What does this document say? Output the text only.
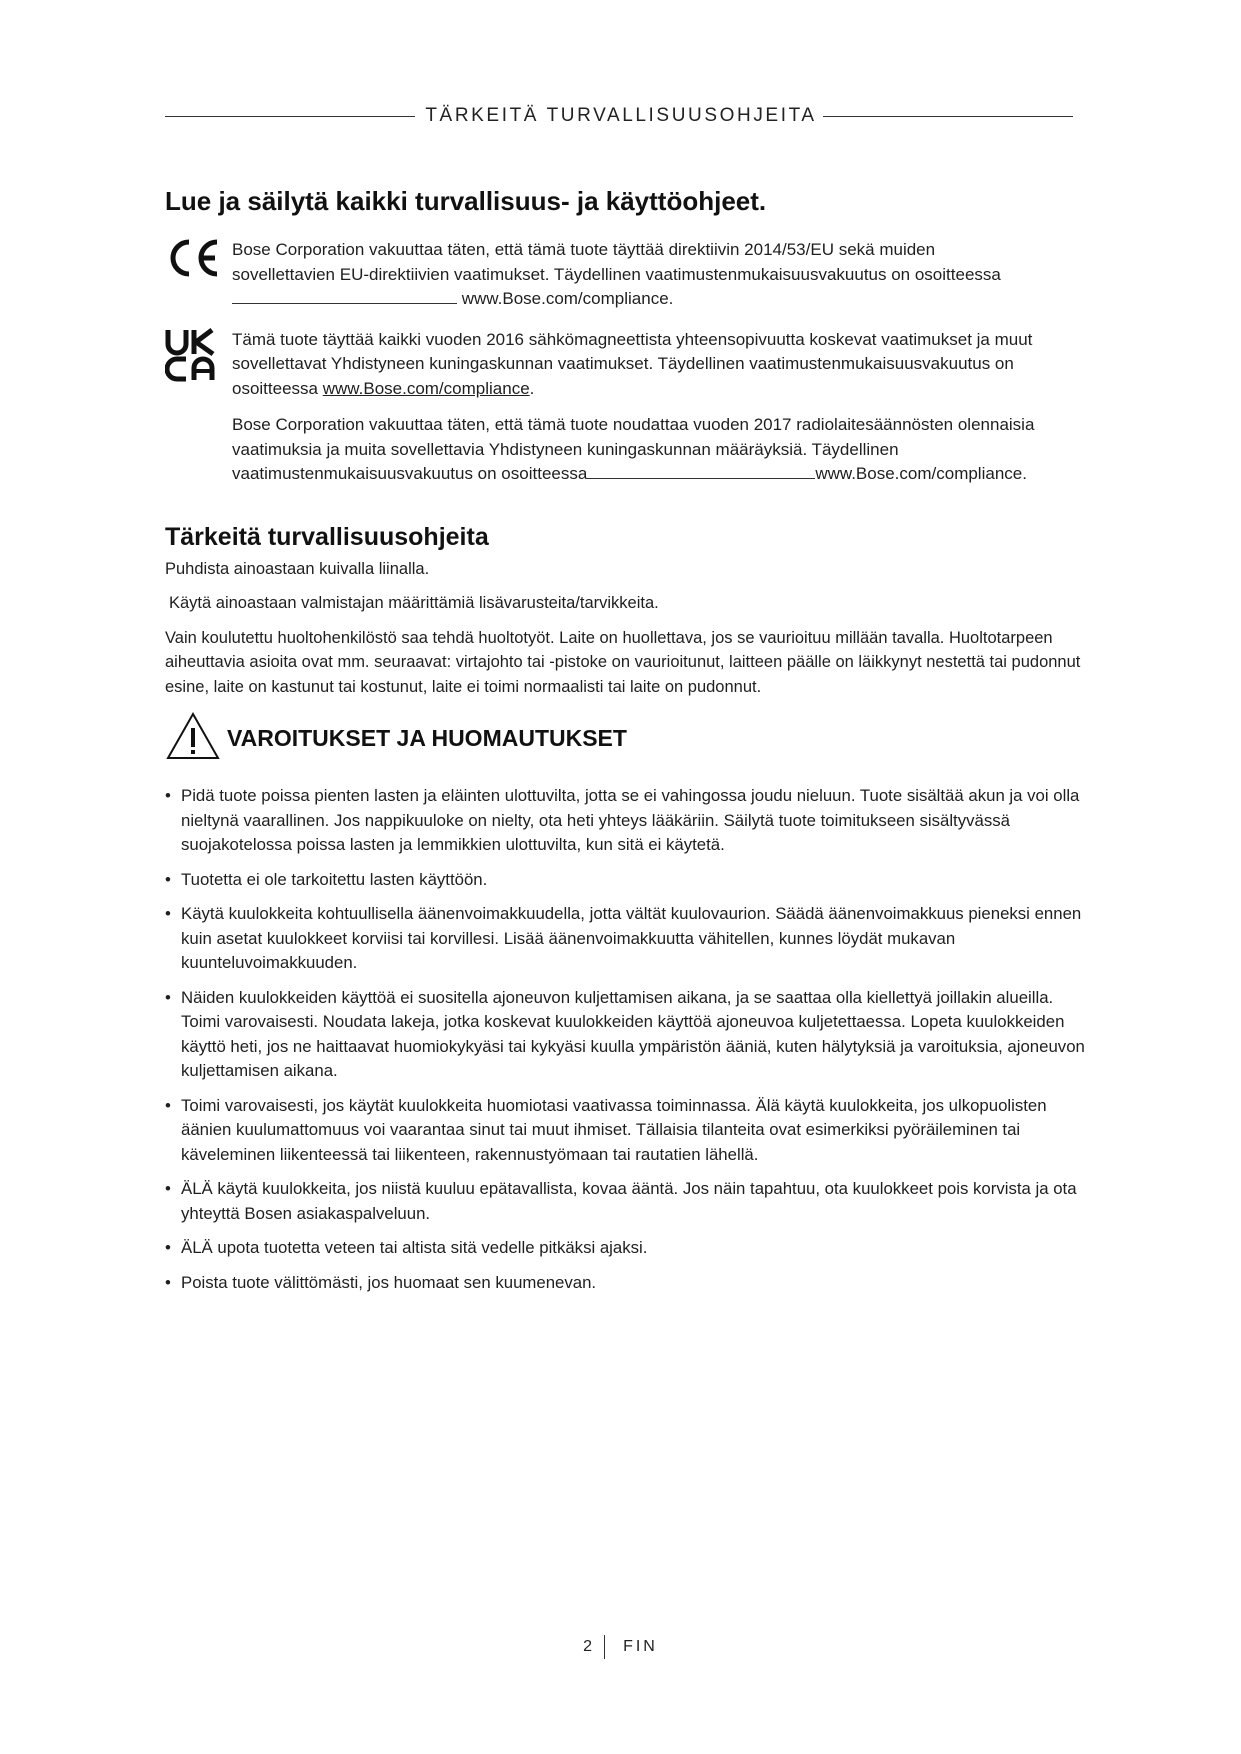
TÄRKEITÄ TURVALLISUUSOHJEITA
Lue ja säilytä kaikki turvallisuus- ja käyttöohjeet.

Bose Corporation vakuuttaa täten, että tämä tuote täyttää direktiivin 2014/53/EU sekä muiden

sovellettavien EU-direktiivien vaatimukset. Täydellinen vaatimustenmukaisuusvakuutus on osoitteessa

www.Bose.com/compliance.

Tämä tuote täyttää kaikki vuoden 2016 sähkömagneettista yhteensopivuutta koskevat vaatimukset ja muut sovellettavat Yhdistyneen kuningaskunnan vaatimukset. Täydellinen vaatimustenmukaisuusvakuutus on osoitteessa www.Bose.com/compliance.

Bose Corporation vakuuttaa täten, että tämä tuote noudattaa vuoden 2017 radiolaitesäännösten olennaisia vaatimuksia ja muita sovellettavia Yhdistyneen kuningaskunnan määräyksiä. Täydellinen vaatimustenmukaisuusvakuutus on osoitteessa	www.Bose.com/compliance.

Tärkeitä turvallisuusohjeita

Puhdista ainoastaan kuivalla liinalla.

Käytä ainoastaan valmistajan määrittämiä lisävarusteita/tarvikkeita.

Vain koulutettu huoltohenkilöstö saa tehdä huoltotyöt. Laite on huollettava, jos se vaurioituu millään tavalla. Huoltotarpeen aiheuttavia asioita ovat mm. seuraavat: virtajohto tai -pistoke on vaurioitunut, laitteen päälle on läikkynyt nestettä tai pudonnut esine, laite on kastunut tai kostunut, laite ei toimi normaalisti tai laite on pudonnut.

VAROITUKSET JA HUOMAUTUKSET
• Pidä tuote poissa pienten lasten ja eläinten ulottuvilta, jotta se ei vahingossa joudu nieluun. Tuote sisältää akun ja voi olla nieltynä vaarallinen. Jos nappikuuloke on nielty, ota heti yhteys lääkäriin. Säilytä tuote toimitukseen sisältyvässä suojakotelossa poissa lasten ja lemmikkien ulottuvilta, kun sitä ei käytetä.
• Tuotetta ei ole tarkoitettu lasten käyttöön.
• Käytä kuulokkeita kohtuullisella äänenvoimakkuudella, jotta vältät kuulovaurion. Säädä äänenvoimakkuus pieneksi ennen kuin asetat kuulokkeet korviisi tai korvillesi. Lisää äänenvoimakkuutta vähitellen, kunnes löydät mukavan kuunteluvoimakkuuden.
• Näiden kuulokkeiden käyttöä ei suositella ajoneuvon kuljettamisen aikana, ja se saattaa olla kiellettyä joillakin alueilla. Toimi varovaisesti. Noudata lakeja, jotka koskevat kuulokkeiden käyttöä ajoneuvoa kuljetettaessa. Lopeta kuulokkeiden käyttö heti, jos ne haittaavat huomiokykyäsi tai kykyäsi kuulla ympäristön ääniä, kuten hälytyksiä ja varoituksia, ajoneuvon kuljettamisen aikana.
• Toimi varovaisesti, jos käytät kuulokkeita huomiotasi vaativassa toiminnassa. Älä käytä kuulokkeita, jos ulkopuolisten äänien kuulumattomuus voi vaarantaa sinut tai muut ihmiset. Tällaisia tilanteita ovat esimerkiksi pyöräileminen tai käveleminen liikenteessä tai liikenteen, rakennustyömaan tai rautatien lähellä.
• ÄLÄ käytä kuulokkeita, jos niistä kuuluu epätavallista, kovaa ääntä. Jos näin tapahtuu, ota kuulokkeet pois korvista ja ota yhteyttä Bosen asiakaspalveluun.
• ÄLÄ upota tuotetta veteen tai altista sitä vedelle pitkäksi ajaksi.
• Poista tuote välittömästi, jos huomaat sen kuumenevan.
2 FIN
